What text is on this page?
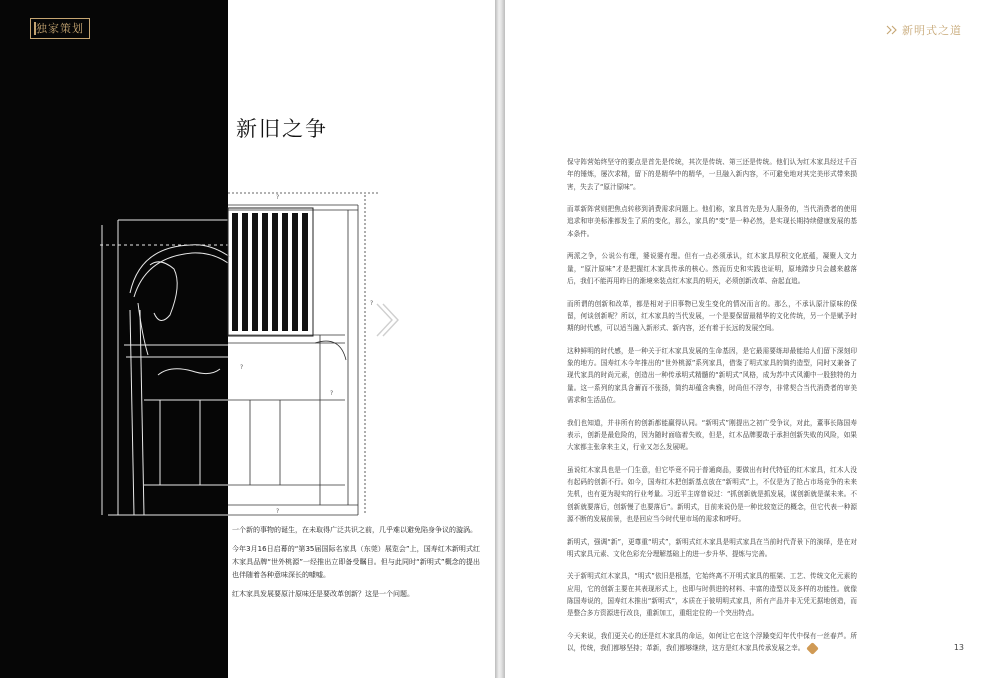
独家策划
?
?
?
?
?
新旧之争

一个新的事物的诞生，在未取得广泛共识之前，几乎难以避免陷身争议的漩涡。

今年3月16日启幕的“第35届国际名家具（东莞）展览会”上，国寿红木新明式红木家具品牌“世外桃源”一经推出立即备受瞩目。但与此同时“新明式”概念的提出也伴随着各种意味深长的噱嘘。

红木家具发展要原汁原味还是要改革创新？这是一个问题。

新明式之道

保守阵营始终坚守的要点是首先是传统，其次是传统、第三还是传统。他们认为红木家具经过千百年的锤炼，屡次求精，留下的是精华中的精华，一旦融入新内容，不可避免地对其完美形式带来损害，失去了“原汁原味”。

而革新阵营则把焦点转移到消费需求问题上。他们称，家具首先是为人服务的，当代消费者的使用追求和审美标准都发生了质的变化，那么，家具的“变”是一种必然，是实现长期持续健康发展的基本条件。

两派之争，公说公有理，婆说婆有理。但有一点必须承认，红木家具厚积文化底蕴，凝聚人文力量，“原汁原味”才是把握红木家具传承的核心。然而历史和实践也证明，原地踏步只会越来越落后，我们不能再用昨日的渐境来装点红木家具的明天，必须创新改革、奋起直追。

而所谓的创新和改革，都是相对于旧事物已发生变化的情况而言的。那么，不承认原汁原味的保留，何谈创新呢？所以，红木家具的当代发展，一个是要保留最精华的文化传统，另一个是赋予时期的时代感，可以适当融入新形式、新内容，还有着于长远的发展空间。

这种鲜明的时代感，是一种关于红木家具发展的生命基因，是它最需要练却最能给人们留下深刻印象的地方。国寿红木今年推出的“世外桃源”系列家具，借鉴了明式家具的简约造型，同时又兼备了现代家具的时尚元素，创造出一种传承明式精髓的“新明式”风格，成为苏中式风潮中一股独特的力量。这一系列的家具含蓄而不张扬，简约却蕴含典雅，时尚但不浮夸，非常契合当代消费者的审美需求和生活品位。

我们也知道，并非所有的创新都能赢得认同。“新明式”刚提出之初广受争议，对此，董事长陈国寿表示，创新是最危险的，因为随时面临着失败，但是，红木品牌要敢于承担创新失败的风险，如果大家都主张拿来主义，行业又怎么发展呢。

虽说红木家具也是一门生意，但它毕竟不同于普通商品，要做出有时代特征的红木家具，红木人没有起码的创新不行。如今，国寿红木把创新基点放在“新明式”上，不仅是为了抢占市场竞争的未来先机，也有更为现实的行业考量。习近平主席曾说过：“抓创新就是抓发展，谋创新就是谋未来。不创新就要落后，创新慢了也要落后”。新明式，目前来说仍是一种比较宽泛的概念，但它代表一种源源不断的发展前景，也是回应当今时代里市场的需求和呼吁。

新明式，强调“新”，更尊重“明式”，新明式红木家具是明式家具在当前时代背景下的演绎，是在对明式家具元素、文化色彩充分理解基础上的进一步升华、提炼与完善。

关于新明式红木家具，“明式”依旧是根基，它始终离不开明式家具的框架、工艺、传统文化元素的应用，它的创新主要在其表现形式上，也即与时俱进的材料、丰富的造型以及多样的功能性。就像陈国寿说的，国寿红木推出“新明式”，本质在于彼明明式家具，所有产品并非无凭无据地创造，而是整合多方资源进行改良，重新加工，重组定位的一个突出特点。

今天来说，我们更关心的还是红木家具的命运，如何让它在这个浮躁变幻年代中保有一丝春芦。所以，传统，我们都够坚持；革新，我们都够继续，这方是红木家具传承发展之幸。	13
